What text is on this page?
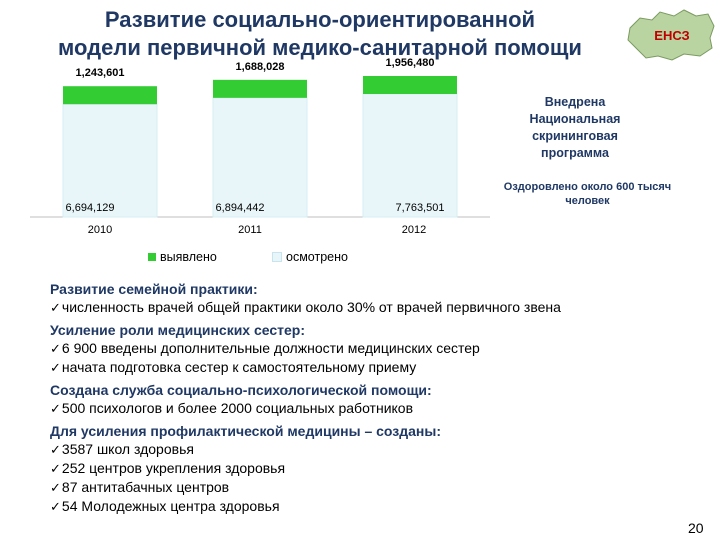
Развитие социально-ориентированной
модели первичной медико-санитарной помощи	ЕНСЗ
1,243,601
6,694,129
2010
1,688,028
6,894,442
2011
1,956,480
7,763,501
2012
Внедрена Национальная скрининговая программа
Оздоровлено около 600 тысяч человек
выявлено	осмотрено
Развитие семейной практики:
✓ численность врачей общей практики около 30% от врачей первичного звена
Усиление роли медицинских сестер:
✓ 6 900 введены дополнительные должности медицинских сестер
✓ начата подготовка сестер к самостоятельному приему
Создана служба социально-психологической помощи:
✓ 500 психологов и более 2000 социальных работников
Для усиления профилактической медицины – созданы:
✓ 3587 школ здоровья
✓ 252 центров укрепления здоровья
✓ 87 антитабачных центров
✓ 54 Молодежных центра здоровья
20
